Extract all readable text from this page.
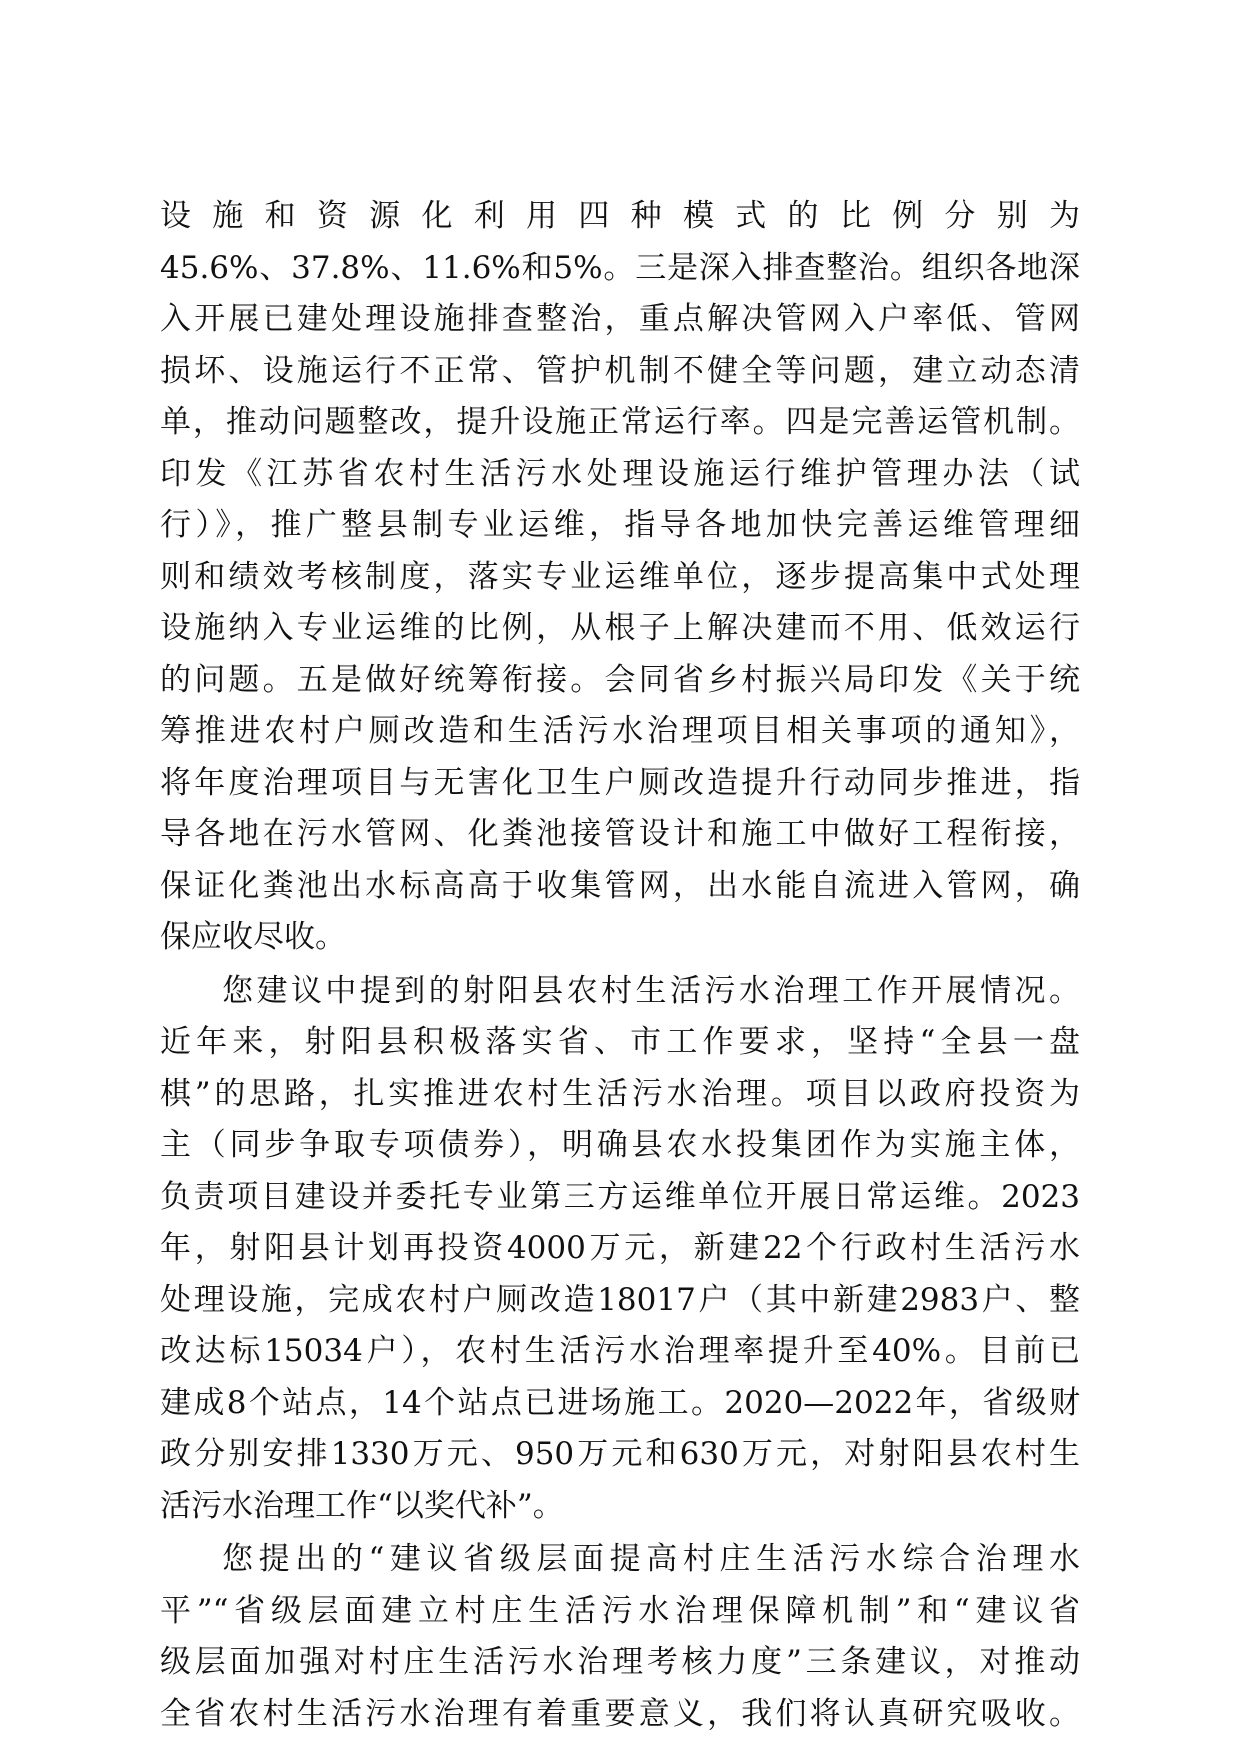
设施和资源化利用四种模式的比例分别为
45.6%、37.8%、11.6%和5%。三是深入排查整治。组织各地深
入开展已建处理设施排查整治，重点解决管网入户率低、管网
损坏、设施运行不正常、管护机制不健全等问题，建立动态清
单，推动问题整改，提升设施正常运行率。四是完善运管机制。
印发《江苏省农村生活污水处理设施运行维护管理办法（试
行）》，推广整县制专业运维，指导各地加快完善运维管理细
则和绩效考核制度，落实专业运维单位，逐步提高集中式处理
设施纳入专业运维的比例，从根子上解决建而不用、低效运行
的问题。五是做好统筹衔接。会同省乡村振兴局印发《关于统
筹推进农村户厕改造和生活污水治理项目相关事项的通知》，
将年度治理项目与无害化卫生户厕改造提升行动同步推进，指
导各地在污水管网、化粪池接管设计和施工中做好工程衔接，
保证化粪池出水标高高于收集管网，出水能自流进入管网，确
保应收尽收。
您建议中提到的射阳县农村生活污水治理工作开展情况。
近年来，射阳县积极落实省、市工作要求，坚持“全县一盘
棋”的思路，扎实推进农村生活污水治理。项目以政府投资为
主（同步争取专项债券），明确县农水投集团作为实施主体，
负责项目建设并委托专业第三方运维单位开展日常运维。2023
年，射阳县计划再投资4000万元，新建22个行政村生活污水
处理设施，完成农村户厕改造18017户（其中新建2983户、整
改达标15034户），农村生活污水治理率提升至40%。目前已
建成8个站点，14个站点已进场施工。2020—2022年，省级财
政分别安排1330万元、950万元和630万元，对射阳县农村生
活污水治理工作“以奖代补”。
您提出的“建议省级层面提高村庄生活污水综合治理水
平”“省级层面建立村庄生活污水治理保障机制”和“建议省
级层面加强对村庄生活污水治理考核力度”三条建议，对推动
全省农村生活污水治理有着重要意义，我们将认真研究吸收。
